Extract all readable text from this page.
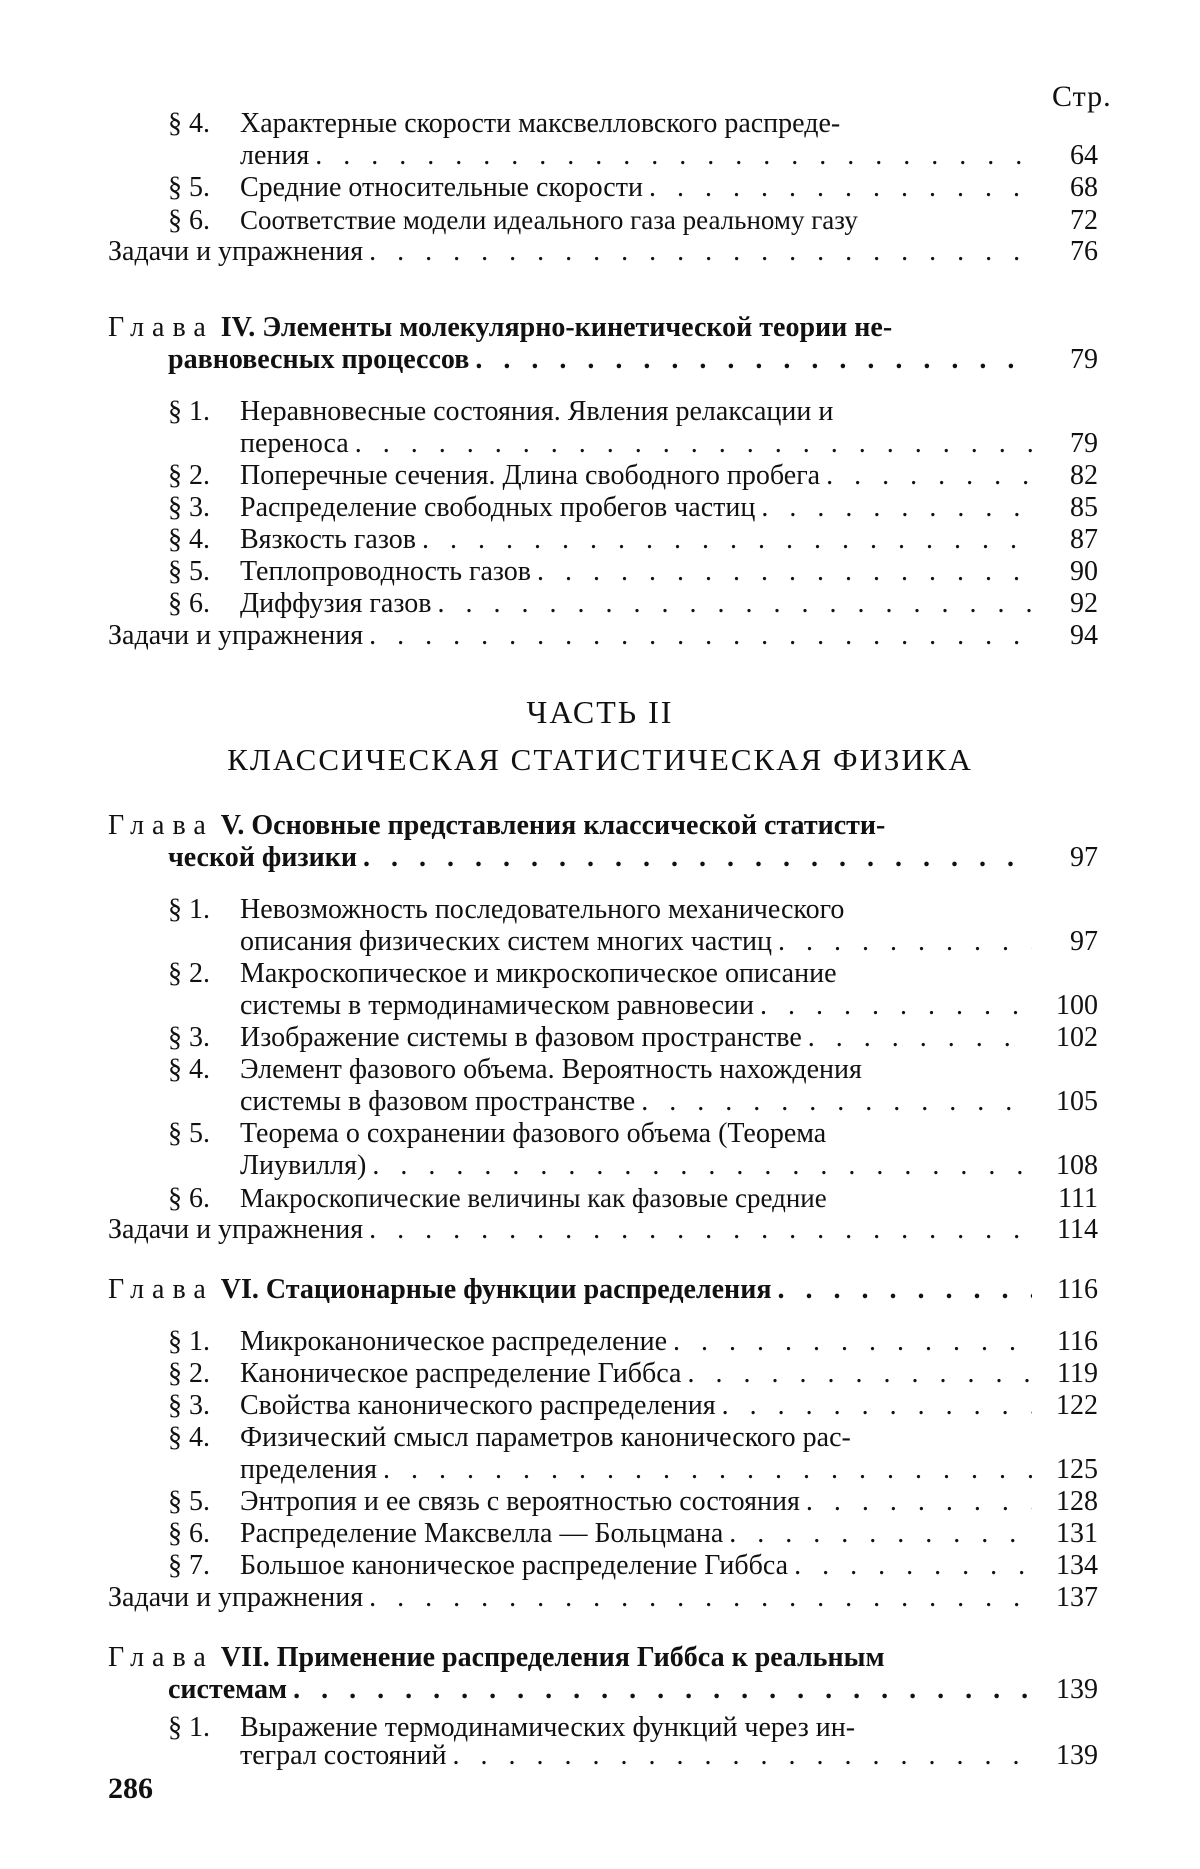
Стр.
§ 4.	Характерные скорости максвелловского распреде-
ления . . .	64
§ 5.	Средние относительные скорости . . .	68
§ 6.	Соответствие модели идеального газа реальному газу	72
Задачи и упражнения . . .	76
Глава
IV. Элементы молекулярно-кинетической теории не-
равновесных процессов . . .	79
§ 1.	Неравновесные состояния. Явления релаксации и
переноса . . .	79
§ 2.	Поперечные сечения. Длина свободного пробега . . .	82
§ 3.	Распределение свободных пробегов частиц . . .	85
§ 4.	Вязкость газов . . .	87
§ 5.	Теплопроводность газов . . .	90
§ 6.	Диффузия газов . . .	92
Задачи и упражнения . . .	94
ЧАСТЬ II
КЛАССИЧЕСКАЯ СТАТИСТИЧЕСКАЯ ФИЗИКА
Глава
V. Основные представления классической статисти-
ческой физики . . .	97
§ 1.	Невозможность последовательного механического
описания физических систем многих частиц . . .	97
§ 2.	Макроскопическое и микроскопическое описание
системы в термодинамическом равновесии . . .	100
§ 3.	Изображение системы в фазовом пространстве . . .	102
§ 4.	Элемент фазового объема. Вероятность нахождения
системы в фазовом пространстве . . .	105
§ 5.	Теорема о сохранении фазового объема (Теорема
Лиувилля) . . .	108
§ 6.	Макроскопические величины как фазовые средние	111
Задачи и упражнения . . .	114
Глава
VI. Стационарные функции распределения . . .	116
§ 1.	Микроканоническое распределение . . .	116
§ 2.	Каноническое распределение Гиббса . . .	119
§ 3.	Свойства канонического распределения . . .	122
§ 4.	Физический смысл параметров канонического рас-
пределения . . .	125
§ 5.	Энтропия и ее связь с вероятностью состояния . . .	128
§ 6.	Распределение Максвелла — Больцмана . . .	131
§ 7.	Большое каноническое распределение Гиббса . . .	134
Задачи и упражнения . . .	137
Глава
VII. Применение распределения Гиббса к реальным
системам . . .	139
§ 1.	Выражение термодинамических функций через ин-
теграл состояний . . .	139
286
